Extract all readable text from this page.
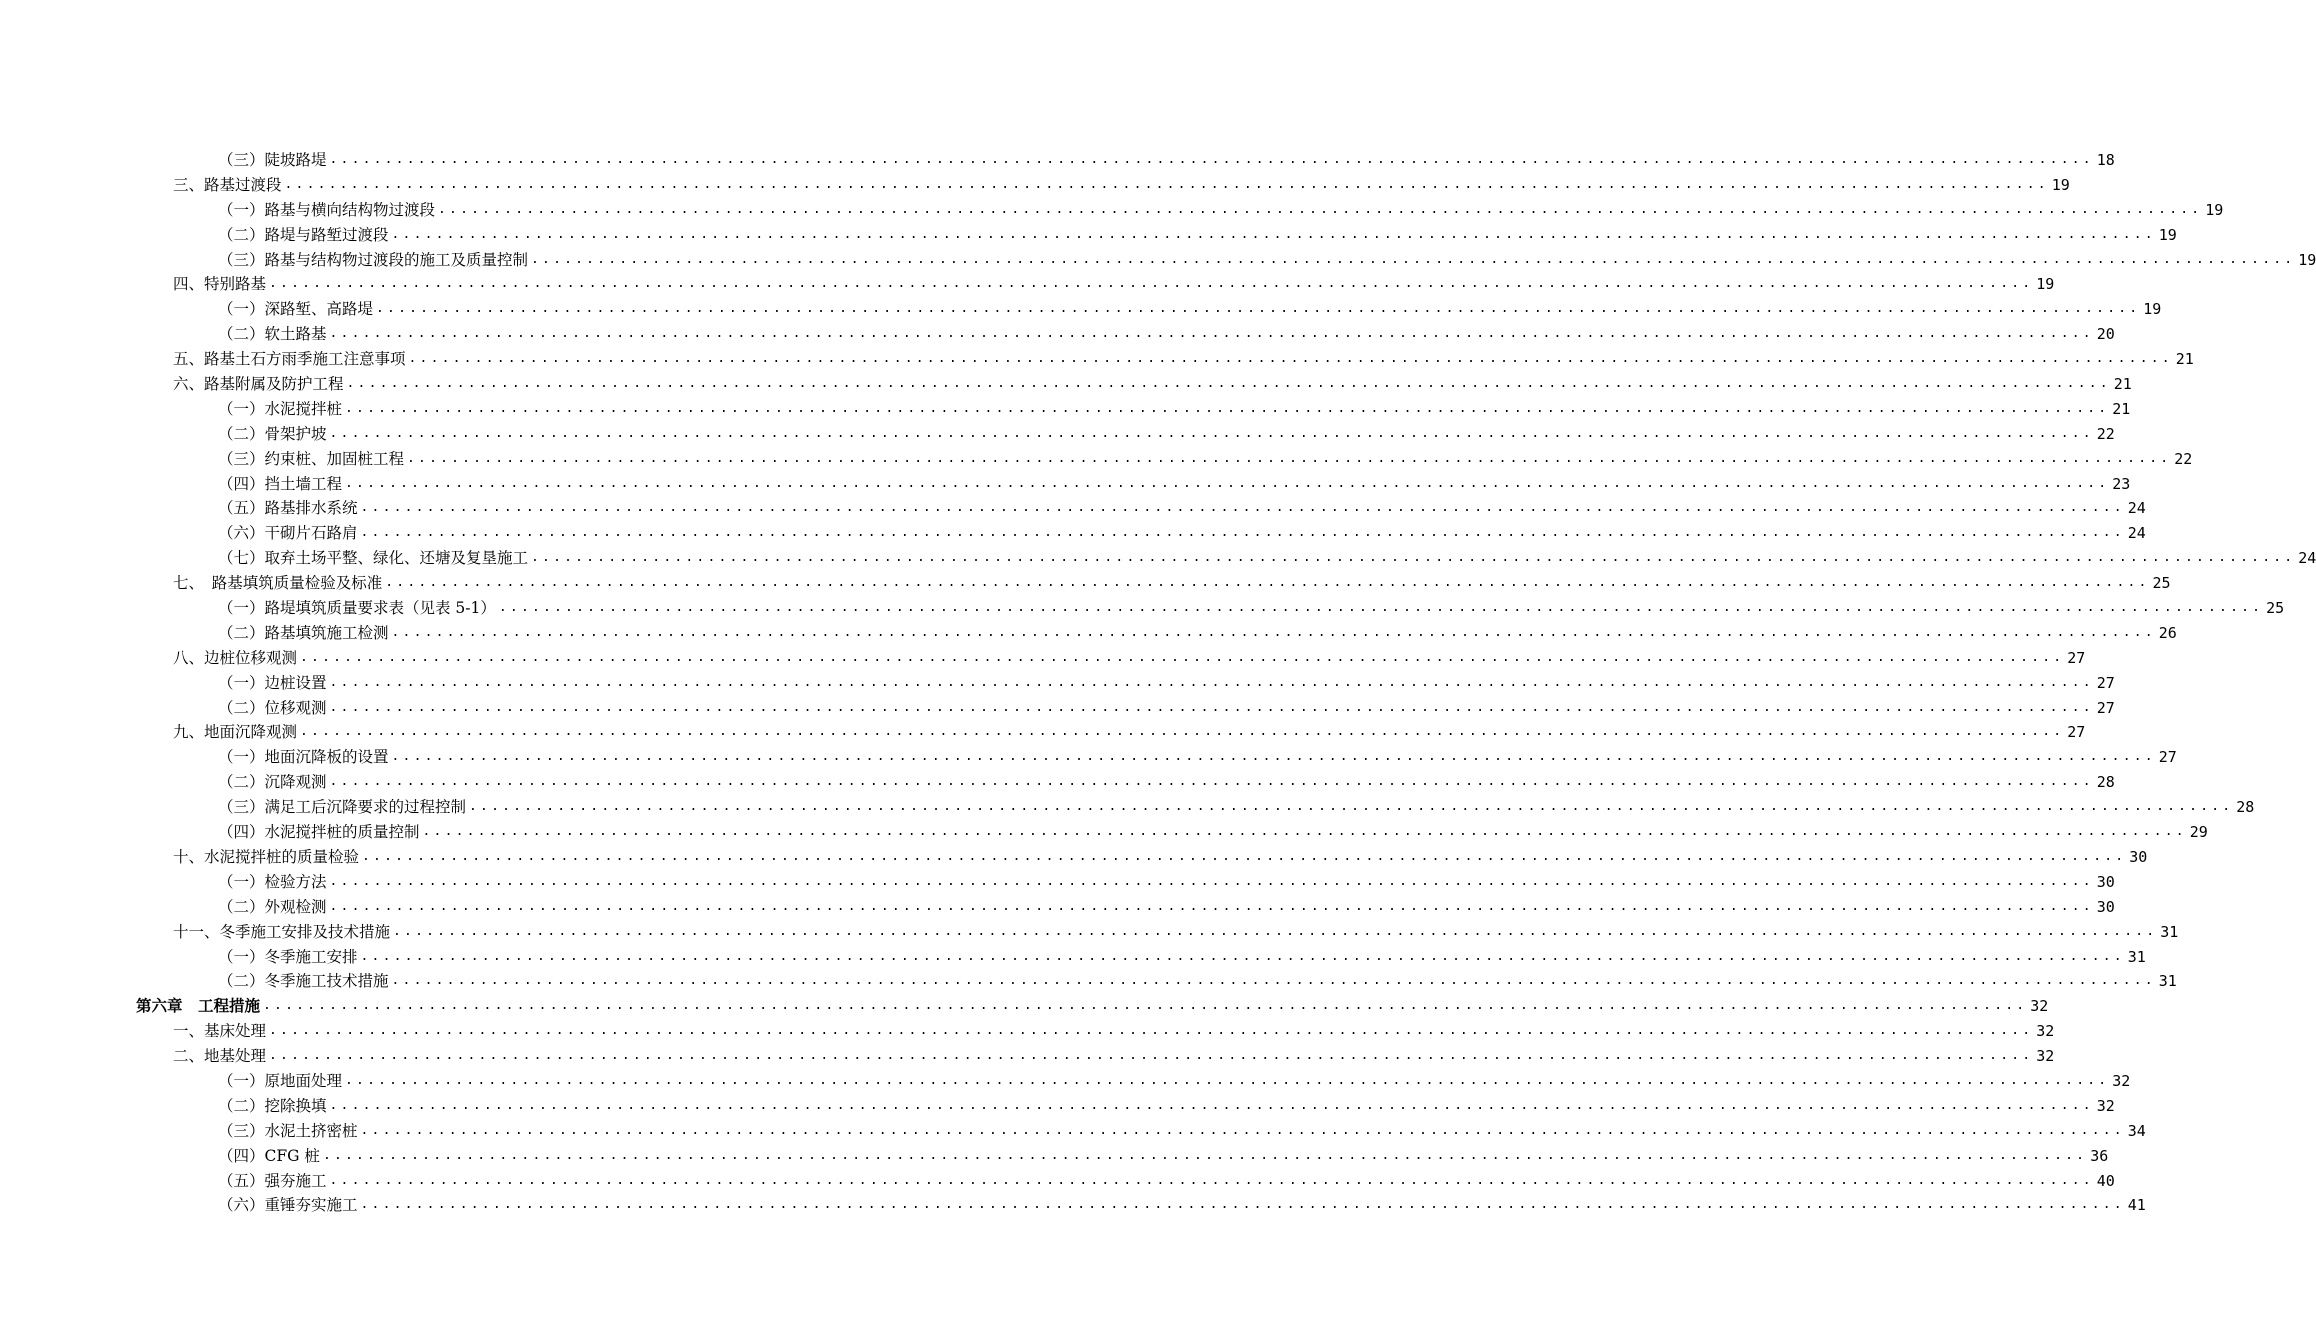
（三）陡坡路堤 ................................................................................................................................................................ 18
三、路基过渡段 ................................................................................................................................................................ 19
（一）路基与横向结构物过渡段 ................................................................................................................................................................ 19
（二）路堤与路堑过渡段 ................................................................................................................................................................ 19
（三）路基与结构物过渡段的施工及质量控制 ................................................................................................................................................................ 19
四、特别路基 ................................................................................................................................................................ 19
（一）深路堑、高路堤 ................................................................................................................................................................ 19
（二）软土路基 ................................................................................................................................................................ 20
五、路基土石方雨季施工注意事项 ................................................................................................................................................................ 21
六、路基附属及防护工程 ................................................................................................................................................................ 21
（一）水泥搅拌桩 ................................................................................................................................................................ 21
（二）骨架护坡 ................................................................................................................................................................ 22
（三）约束桩、加固桩工程 ................................................................................................................................................................ 22
（四）挡土墙工程 ................................................................................................................................................................ 23
（五）路基排水系统 ................................................................................................................................................................ 24
（六）干砌片石路肩 ................................................................................................................................................................ 24
（七）取弃土场平整、绿化、还塘及复垦施工 ................................................................................................................................................................ 24
七、　路基填筑质量检验及标准 ................................................................................................................................................................ 25
（一）路堤填筑质量要求表（见表 5-1） ................................................................................................................................................................ 25
（二）路基填筑施工检测 ................................................................................................................................................................ 26
八、边桩位移观测 ................................................................................................................................................................ 27
（一）边桩设置 ................................................................................................................................................................ 27
（二）位移观测 ................................................................................................................................................................ 27
九、地面沉降观测 ................................................................................................................................................................ 27
（一）地面沉降板的设置 ................................................................................................................................................................ 27
（二）沉降观测 ................................................................................................................................................................ 28
（三）满足工后沉降要求的过程控制 ................................................................................................................................................................ 28
（四）水泥搅拌桩的质量控制 ................................................................................................................................................................ 29
十、水泥搅拌桩的质量检验 ................................................................................................................................................................ 30
（一）检验方法 ................................................................................................................................................................ 30
（二）外观检测 ................................................................................................................................................................ 30
十一、冬季施工安排及技术措施 ................................................................................................................................................................ 31
（一）冬季施工安排 ................................................................................................................................................................ 31
（二）冬季施工技术措施 ................................................................................................................................................................ 31
第六章　工程措施 ................................................................................................................................................................ 32
一、基床处理 ................................................................................................................................................................ 32
二、地基处理 ................................................................................................................................................................ 32
（一）原地面处理 ................................................................................................................................................................ 32
（二）挖除换填 ................................................................................................................................................................ 32
（三）水泥土挤密桩 ................................................................................................................................................................ 34
（四）CFG 桩 ................................................................................................................................................................ 36
（五）强夯施工 ................................................................................................................................................................ 40
（六）重锤夯实施工 ................................................................................................................................................................ 41
